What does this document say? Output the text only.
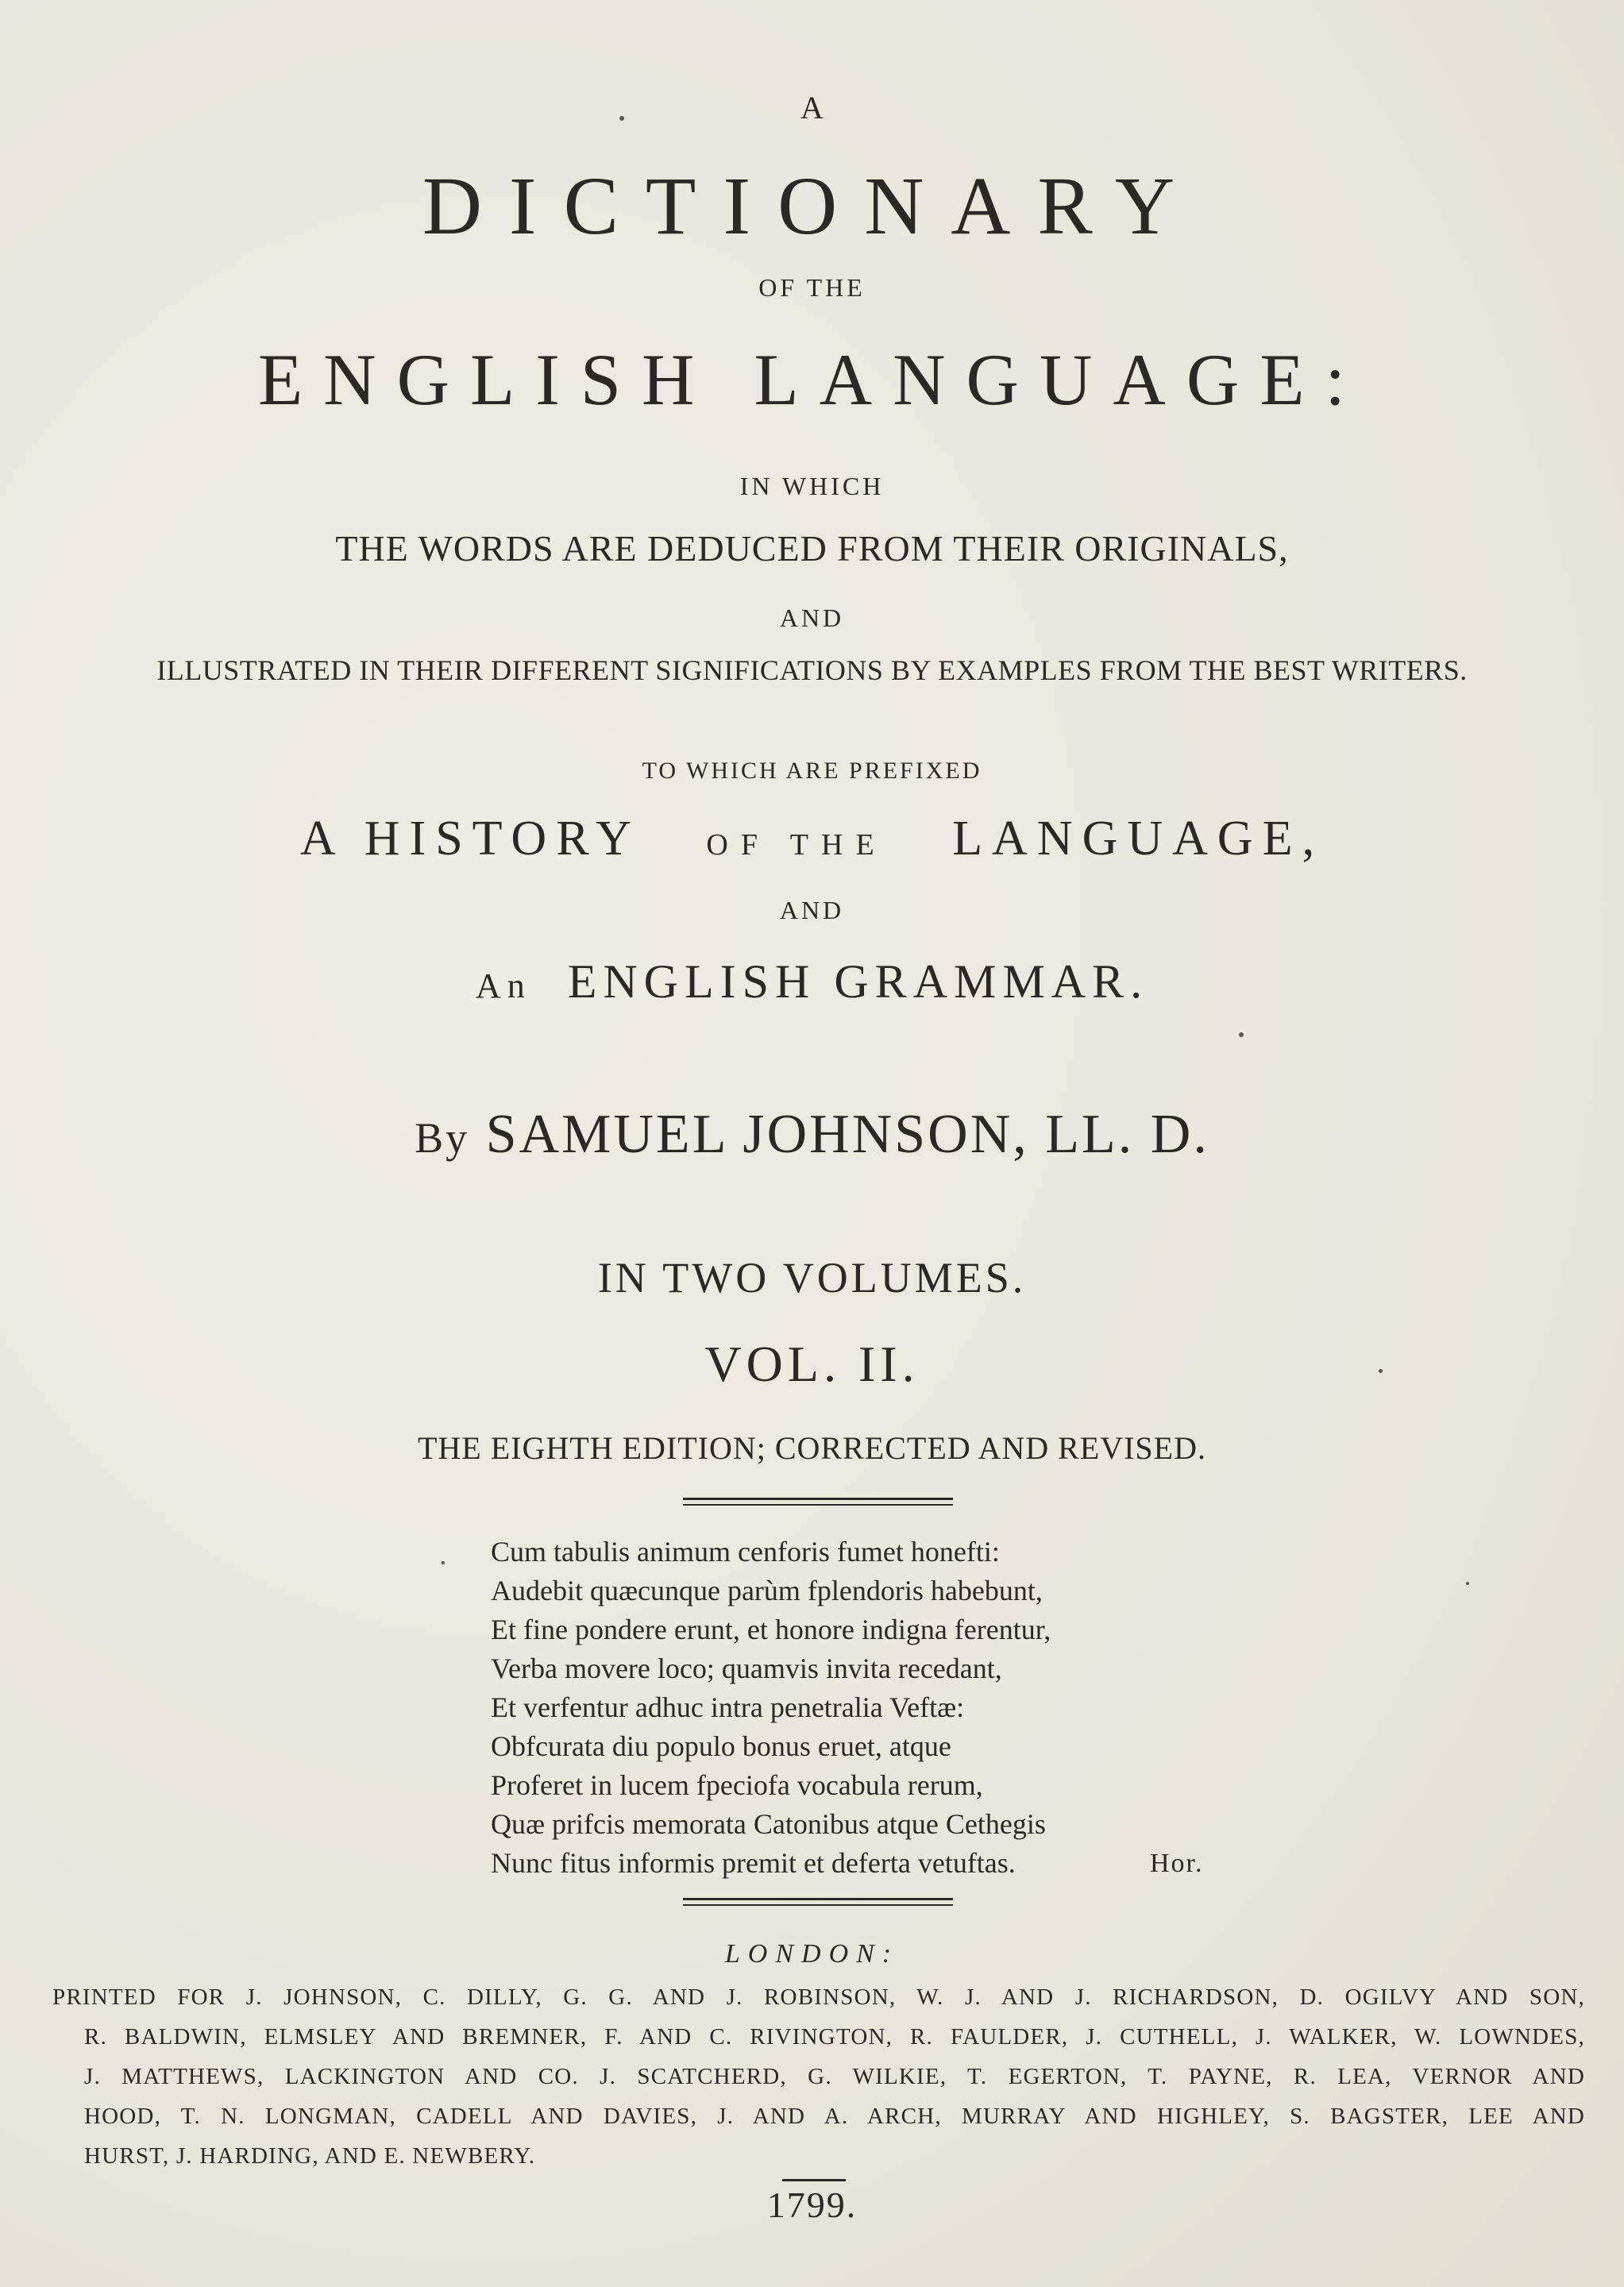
A
DICTIONARY
OF THE
ENGLISH LANGUAGE:
IN WHICH
THE WORDS ARE DEDUCED FROM THEIR ORIGINALS,
AND
ILLUSTRATED IN THEIR DIFFERENT SIGNIFICATIONS BY EXAMPLES FROM THE BEST WRITERS.
TO WHICH ARE PREFIXED
A HISTORY OF THE LANGUAGE,
AND
An ENGLISH GRAMMAR.
By SAMUEL JOHNSON, LL. D.
IN TWO VOLUMES.
VOL. II.
THE EIGHTH EDITION; CORRECTED AND REVISED.
Cum tabulis animum cenforis fumet honefti:
Audebit quæcunque parùm fplendoris habebunt,
Et fine pondere erunt, et honore indigna ferentur,
Verba movere loco; quamvis invita recedant,
Et verfentur adhuc intra penetralia Veftæ:
Obfcurata diu populo bonus eruet, atque
Proferet in lucem fpeciofa vocabula rerum,
Quæ prifcis memorata Catonibus atque Cethegis
Nunc fitus informis premit et deferta vetuftas.	Hor.
LONDON:
PRINTED FOR J. JOHNSON, C. DILLY, G. G. AND J. ROBINSON, W. J. AND J. RICHARDSON, D. OGILVY AND SON,
R. BALDWIN, ELMSLEY AND BREMNER, F. AND C. RIVINGTON, R. FAULDER, J. CUTHELL, J. WALKER, W. LOWNDES,
J. MATTHEWS, LACKINGTON AND CO. J. SCATCHERD, G. WILKIE, T. EGERTON, T. PAYNE, R. LEA, VERNOR AND
HOOD, T. N. LONGMAN, CADELL AND DAVIES, J. AND A. ARCH, MURRAY AND HIGHLEY, S. BAGSTER, LEE AND
HURST, J. HARDING, AND E. NEWBERY.
1799.
